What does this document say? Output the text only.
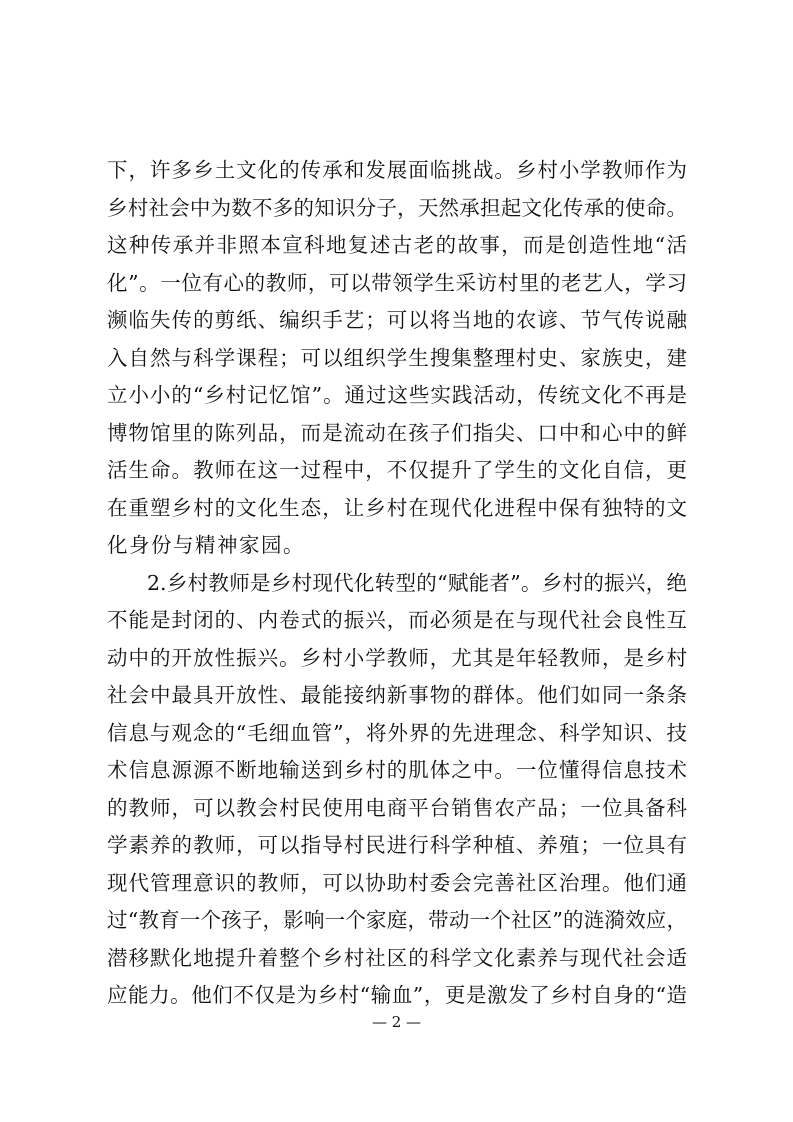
下，许多乡土文化的传承和发展面临挑战。乡村小学教师作为
乡村社会中为数不多的知识分子，天然承担起文化传承的使命。
这种传承并非照本宣科地复述古老的故事，而是创造性地“活
化”。一位有心的教师，可以带领学生采访村里的老艺人，学习
濒临失传的剪纸、编织手艺；可以将当地的农谚、节气传说融
入自然与科学课程；可以组织学生搜集整理村史、家族史，建
立小小的“乡村记忆馆”。通过这些实践活动，传统文化不再是
博物馆里的陈列品，而是流动在孩子们指尖、口中和心中的鲜
活生命。教师在这一过程中，不仅提升了学生的文化自信，更
在重塑乡村的文化生态，让乡村在现代化进程中保有独特的文
化身份与精神家园。
2.乡村教师是乡村现代化转型的“赋能者”。乡村的振兴，绝
不能是封闭的、内卷式的振兴，而必须是在与现代社会良性互
动中的开放性振兴。乡村小学教师，尤其是年轻教师，是乡村
社会中最具开放性、最能接纳新事物的群体。他们如同一条条
信息与观念的“毛细血管”，将外界的先进理念、科学知识、技
术信息源源不断地输送到乡村的肌体之中。一位懂得信息技术
的教师，可以教会村民使用电商平台销售农产品；一位具备科
学素养的教师，可以指导村民进行科学种植、养殖；一位具有
现代管理意识的教师，可以协助村委会完善社区治理。他们通
过“教育一个孩子，影响一个家庭，带动一个社区”的涟漪效应，
潜移默化地提升着整个乡村社区的科学文化素养与现代社会适
应能力。他们不仅是为乡村“输血”，更是激发了乡村自身的“造
— 2 —
